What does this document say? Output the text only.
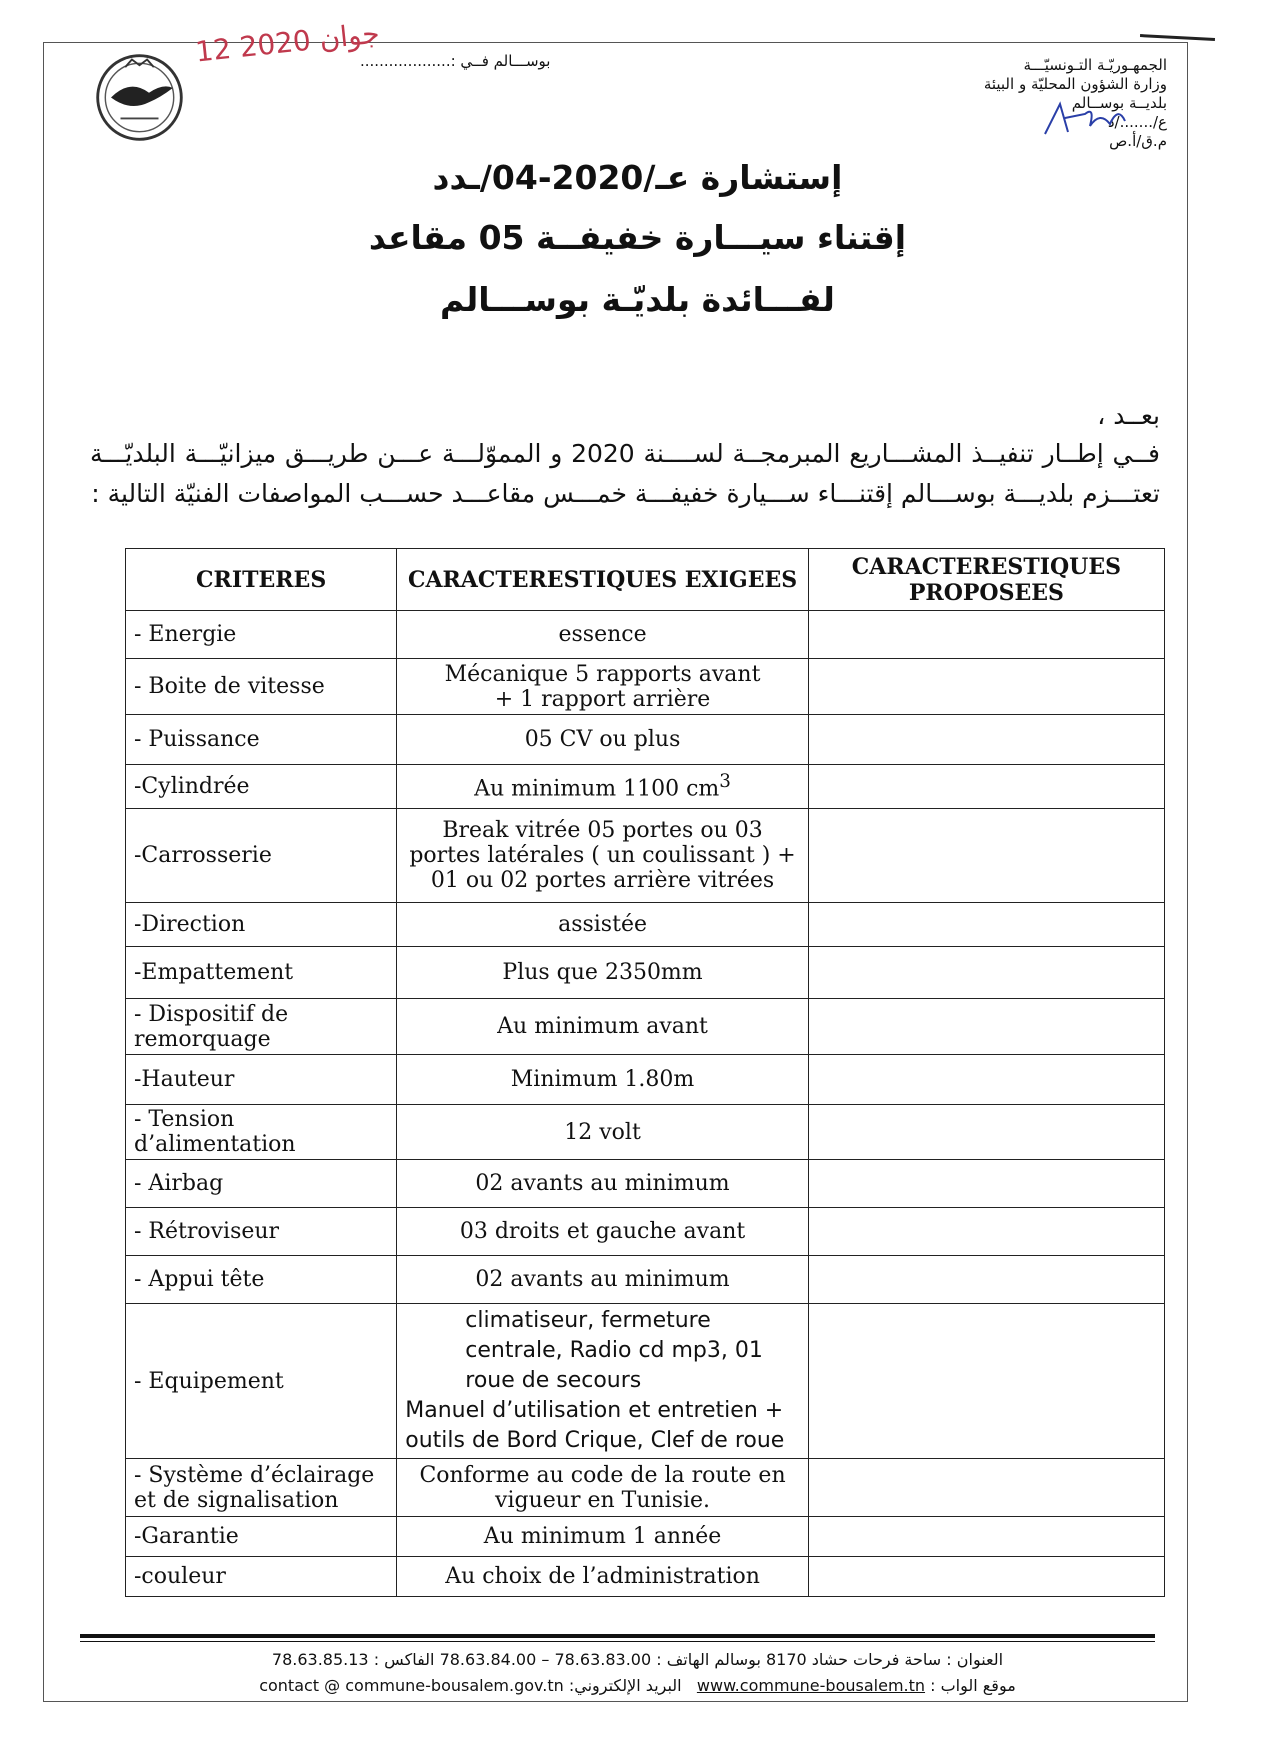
12 جوان 2020
بوســـالم فــي :...................	الجمهـوريّـة التـونسيّـــة
وزارة الشؤون المحليّة و البيئة
بلديــة بوســالم
ع/......./د
م.ق/أ.ص
إستشارة عـ/2020-04/ـدد
إقتناء سيـــارة خفيفــة 05 مقاعد
لفـــائدة بلديّـة بوســـالم
بعــد ،
فــي إطــار تنفيــذ المشـــاريع المبرمجــة لســــنة 2020 و المموّلـــة عـــن طريـــق ميزانيّـــة البلديّـــة تعتـــزم بلديـــة بوســـالم إقتنـــاء ســـيارة خفيفـــة خمـــس مقاعـــد حســـب المواصفات الفنيّة التالية :
CRITERES	CARACTERESTIQUES EXIGEES	CARACTERESTIQUES PROPOSEES
- Energie	essence	
- Boite de vitesse	Mécanique 5 rapports avant
+ 1 rapport arrière	
- Puissance	05 CV ou plus	
-Cylindrée	Au minimum 1100 $cm^3$	
-Carrosserie	Break vitrée 05 portes ou 03 portes latérales ( un coulissant ) + 01 ou 02 portes arrière vitrées	
-Direction	assistée	
-Empattement	Plus que 2350mm	
- Dispositif de remorquage	Au minimum avant	
-Hauteur	Minimum 1.80m	
- Tension d’alimentation	12 volt	
- Airbag	02 avants au minimum	
- Rétroviseur	03 droits et gauche avant	
- Appui tête	02 avants au minimum	
- Equipement	climatiseur, fermeture
centrale, Radio cd mp3, 01
roue de secours
Manuel d’utilisation et entretien +
outils de Bord Crique, Clef de roue	

- Système d’éclairage et de signalisation	Conforme au code de la route en vigueur en Tunisie.	
-Garantie	Au minimum 1 année	
-couleur	Au choix de l’administration	
العنوان : ساحة فرحات حشاد 8170 بوسالم الهاتف : 78.63.83.00 – 78.63.84.00 الفاكس : 78.63.85.13
موقع الواب : www.commune-bousalem.tn   البريد الإلكتروني: contact @ commune-bousalem.gov.tn
